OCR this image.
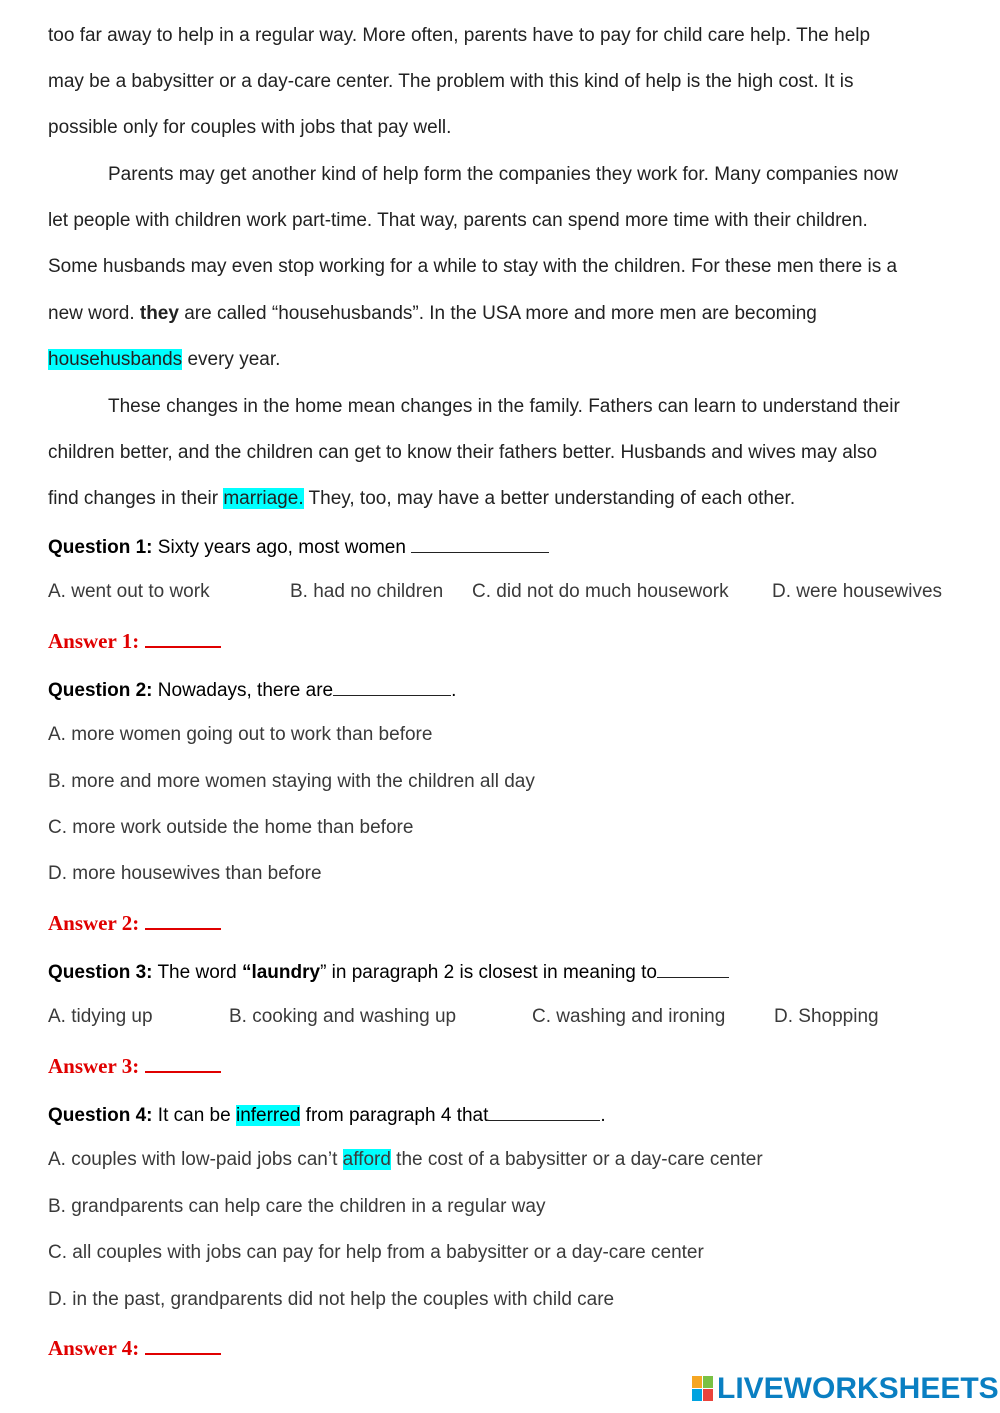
too far away to help in a regular way. More often, parents have to pay for child care help. The help
may be a babysitter or a day-care center. The problem with this kind of help is the high cost. It is
possible only for couples with jobs that pay well.
Parents may get another kind of help form the companies they work for. Many companies now
let people with children work part-time. That way, parents can spend more time with their children.
Some husbands may even stop working for a while to stay with the children. For these men there is a
new word. they are called “househusbands”. In the USA more and more men are becoming
househusbands every year.
These changes in the home mean changes in the family. Fathers can learn to understand their
children better, and the children can get to know their fathers better. Husbands and wives may also
find changes in their marriage. They, too, may have a better understanding of each other.
Question 1: Sixty years ago, most women
A. went out to work	B. had no children C. did not do much housework D. were housewives
Answer 1:
Question 2: Nowadays, there are	.
A. more women going out to work than before
B. more and more women staying with the children all day
C. more work outside the home than before
D. more housewives than before
Answer 2:
Question 3: The word “laundry” in paragraph 2 is closest in meaning to
A. tidying up	B. cooking and washing up	C. washing and ironing	D. Shopping
Answer 3:
Question 4: It can be inferred from paragraph 4 that	.
A. couples with low-paid jobs can’t afford the cost of a babysitter or a day-care center
B. grandparents can help care the children in a regular way
C. all couples with jobs can pay for help from a babysitter or a day-care center
D. in the past, grandparents did not help the couples with child care
Answer 4:
LIVEWORKSHEETS
